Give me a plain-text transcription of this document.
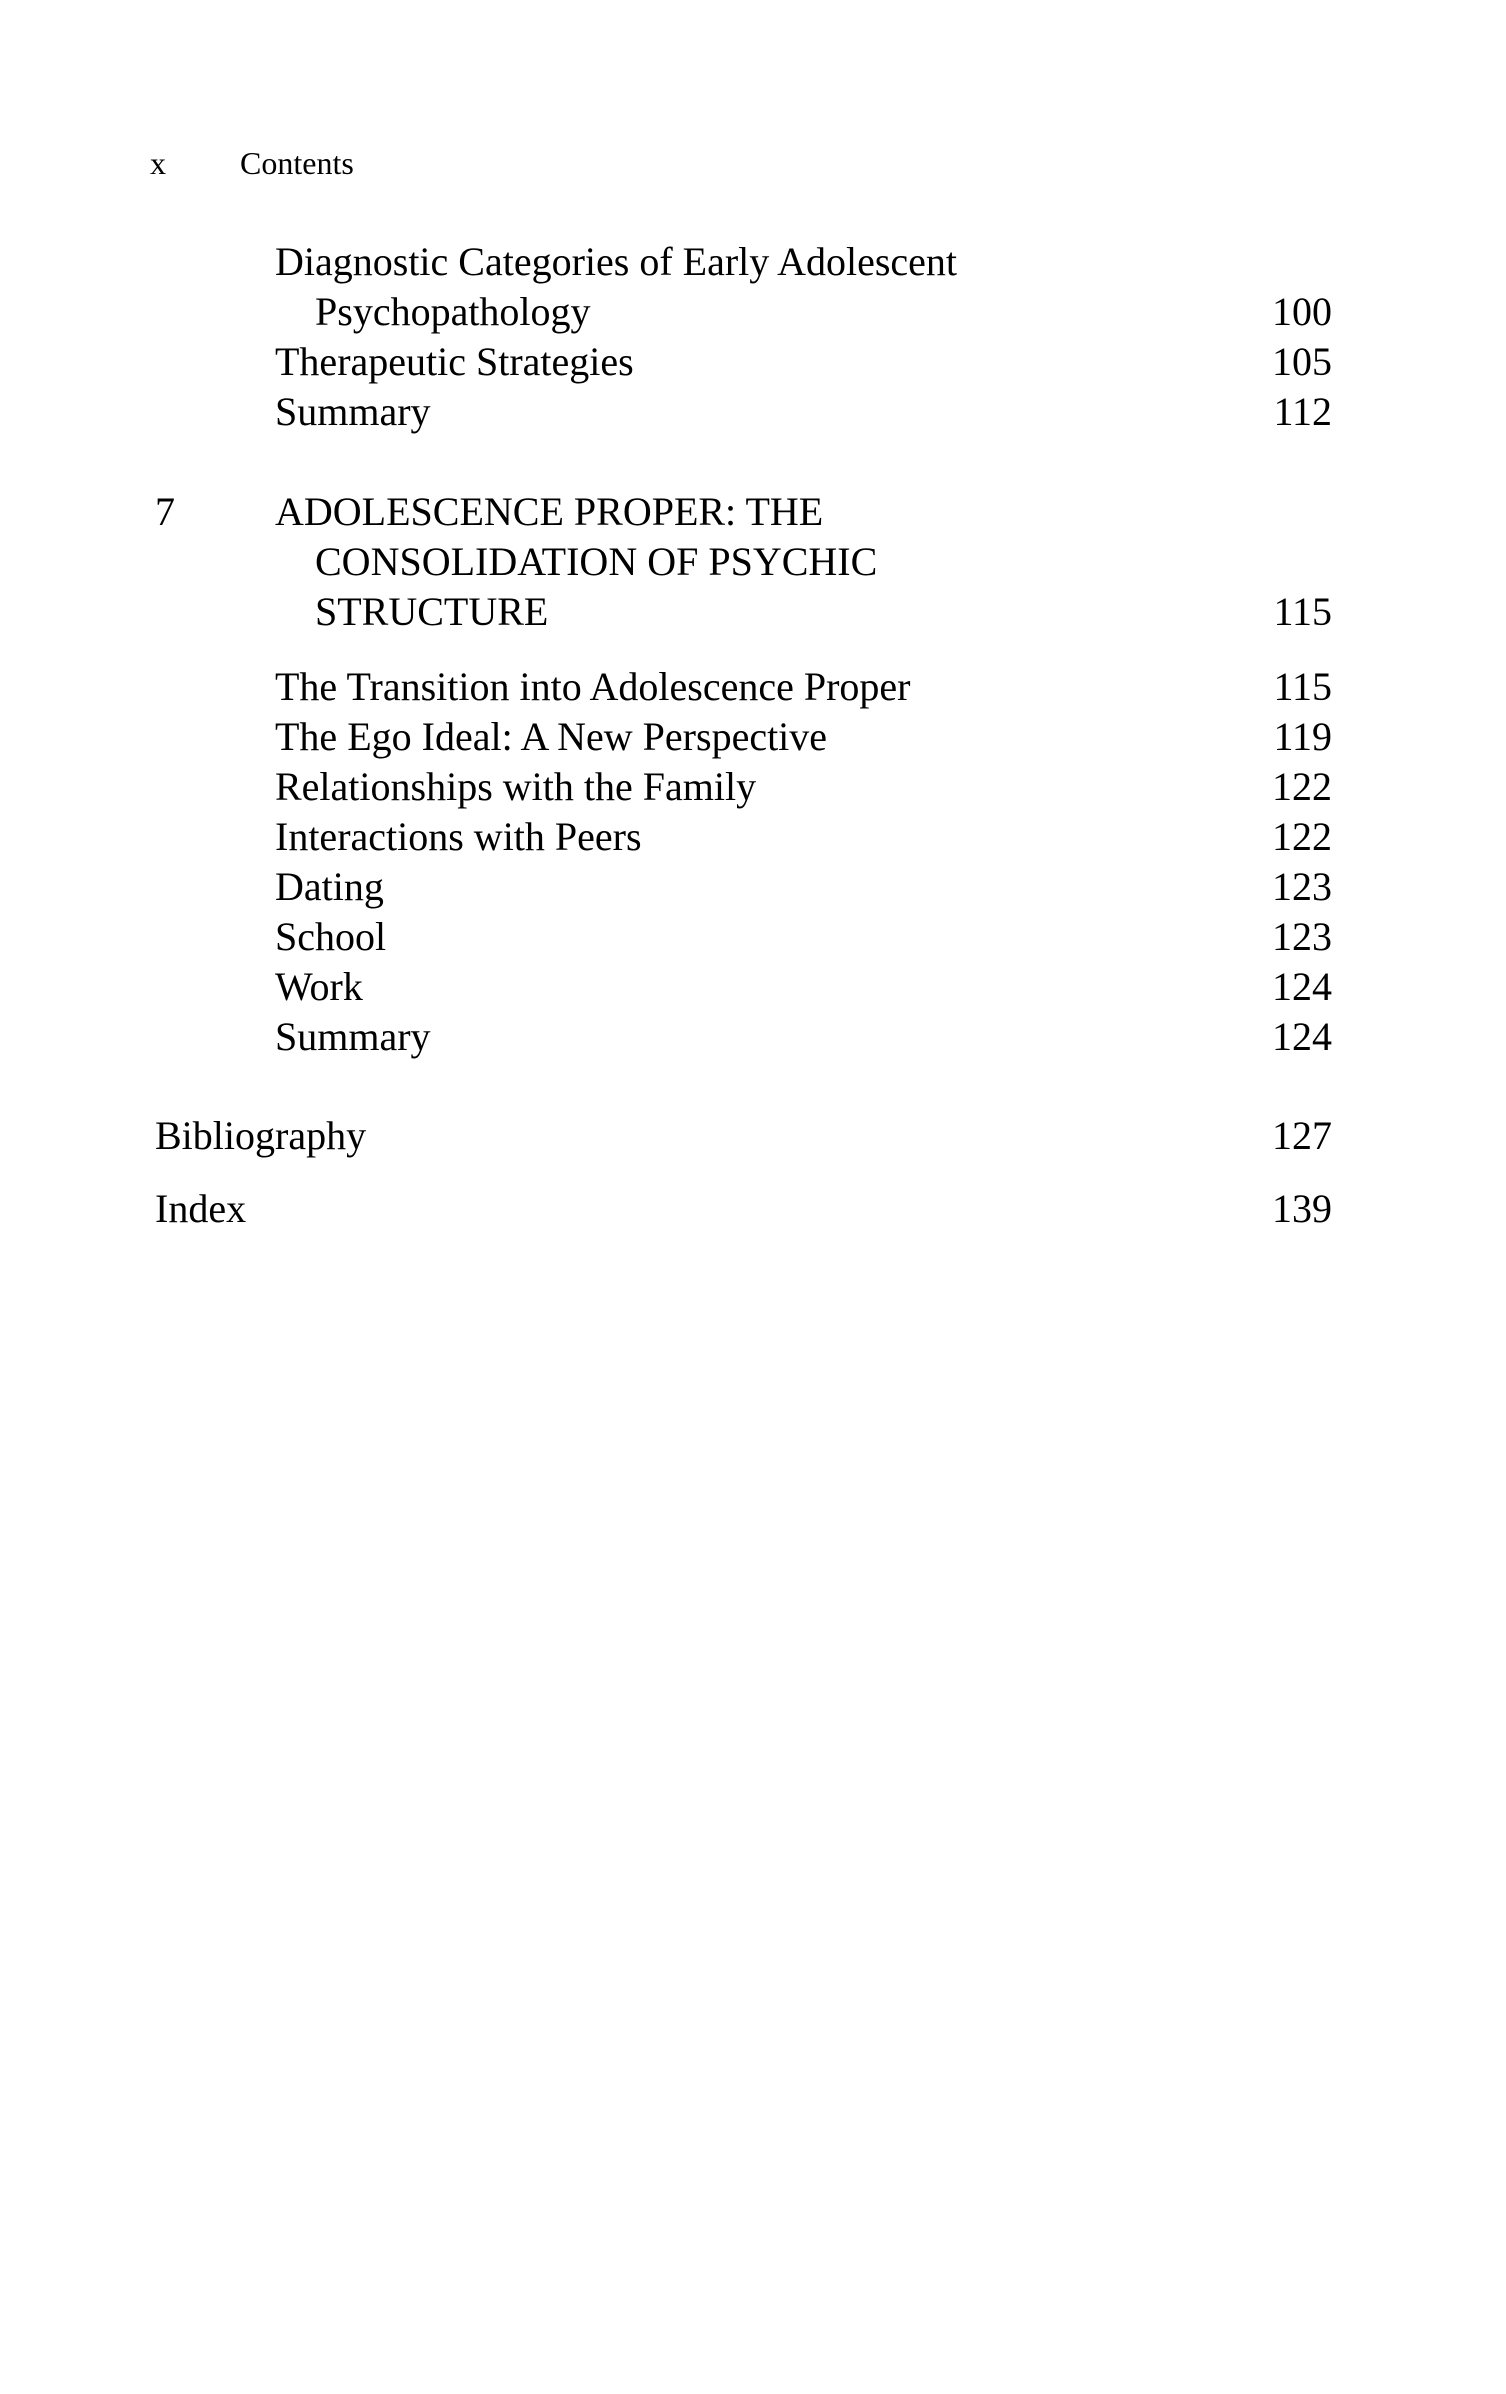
x Contents
Diagnostic Categories of Early Adolescent
Psychopathology	100
Therapeutic Strategies	105
Summary	112
7	ADOLESCENCE PROPER: THE
CONSOLIDATION OF PSYCHIC
STRUCTURE	115
The Transition into Adolescence Proper	115
The Ego Ideal: A New Perspective	119
Relationships with the Family	122
Interactions with Peers	122
Dating	123
School	123
Work	124
Summary	124
Bibliography	127
Index	139
